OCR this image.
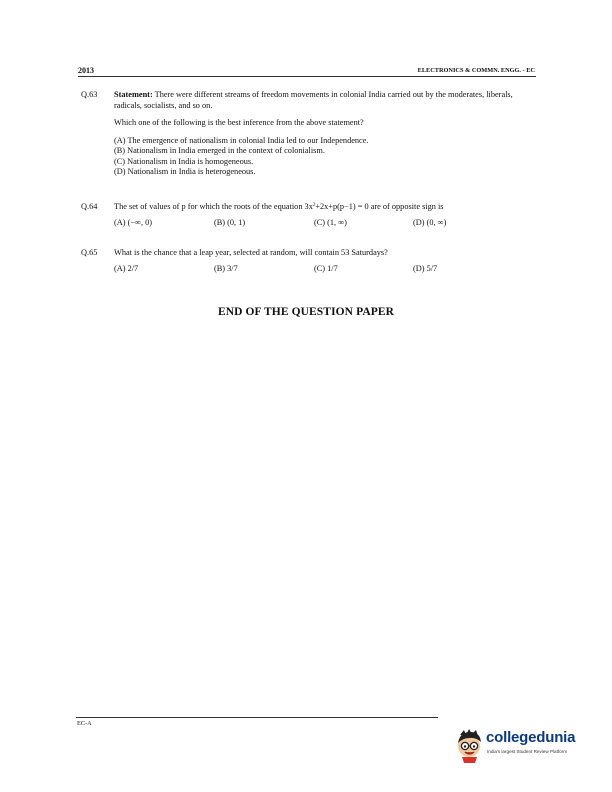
2013	ELECTRONICS & COMMN. ENGG. - EC
Q.63 Statement: There were different streams of freedom movements in colonial India carried out by the moderates, liberals, radicals, socialists, and so on.

Which one of the following is the best inference from the above statement?

(A) The emergence of nationalism in colonial India led to our Independence.

(B) Nationalism in India emerged in the context of colonialism.

(C) Nationalism in India is homogeneous.

(D) Nationalism in India is heterogeneous.

Q.64 The set of values of p for which the roots of the equation $3x^2+2x+p(p-1) = 0$ are of opposite sign is

(A) (−∞, 0)	(B) (0, 1)	(C) (1, ∞)	(D) (0, ∞)
Q.65 What is the chance that a leap year, selected at random, will contain 53 Saturdays?

(A) 2/7	(B) 3/7	(C) 1/7	(D) 5/7
END OF THE QUESTION PAPER
EC-A
collegedunia
India's largest Student Review Platform
